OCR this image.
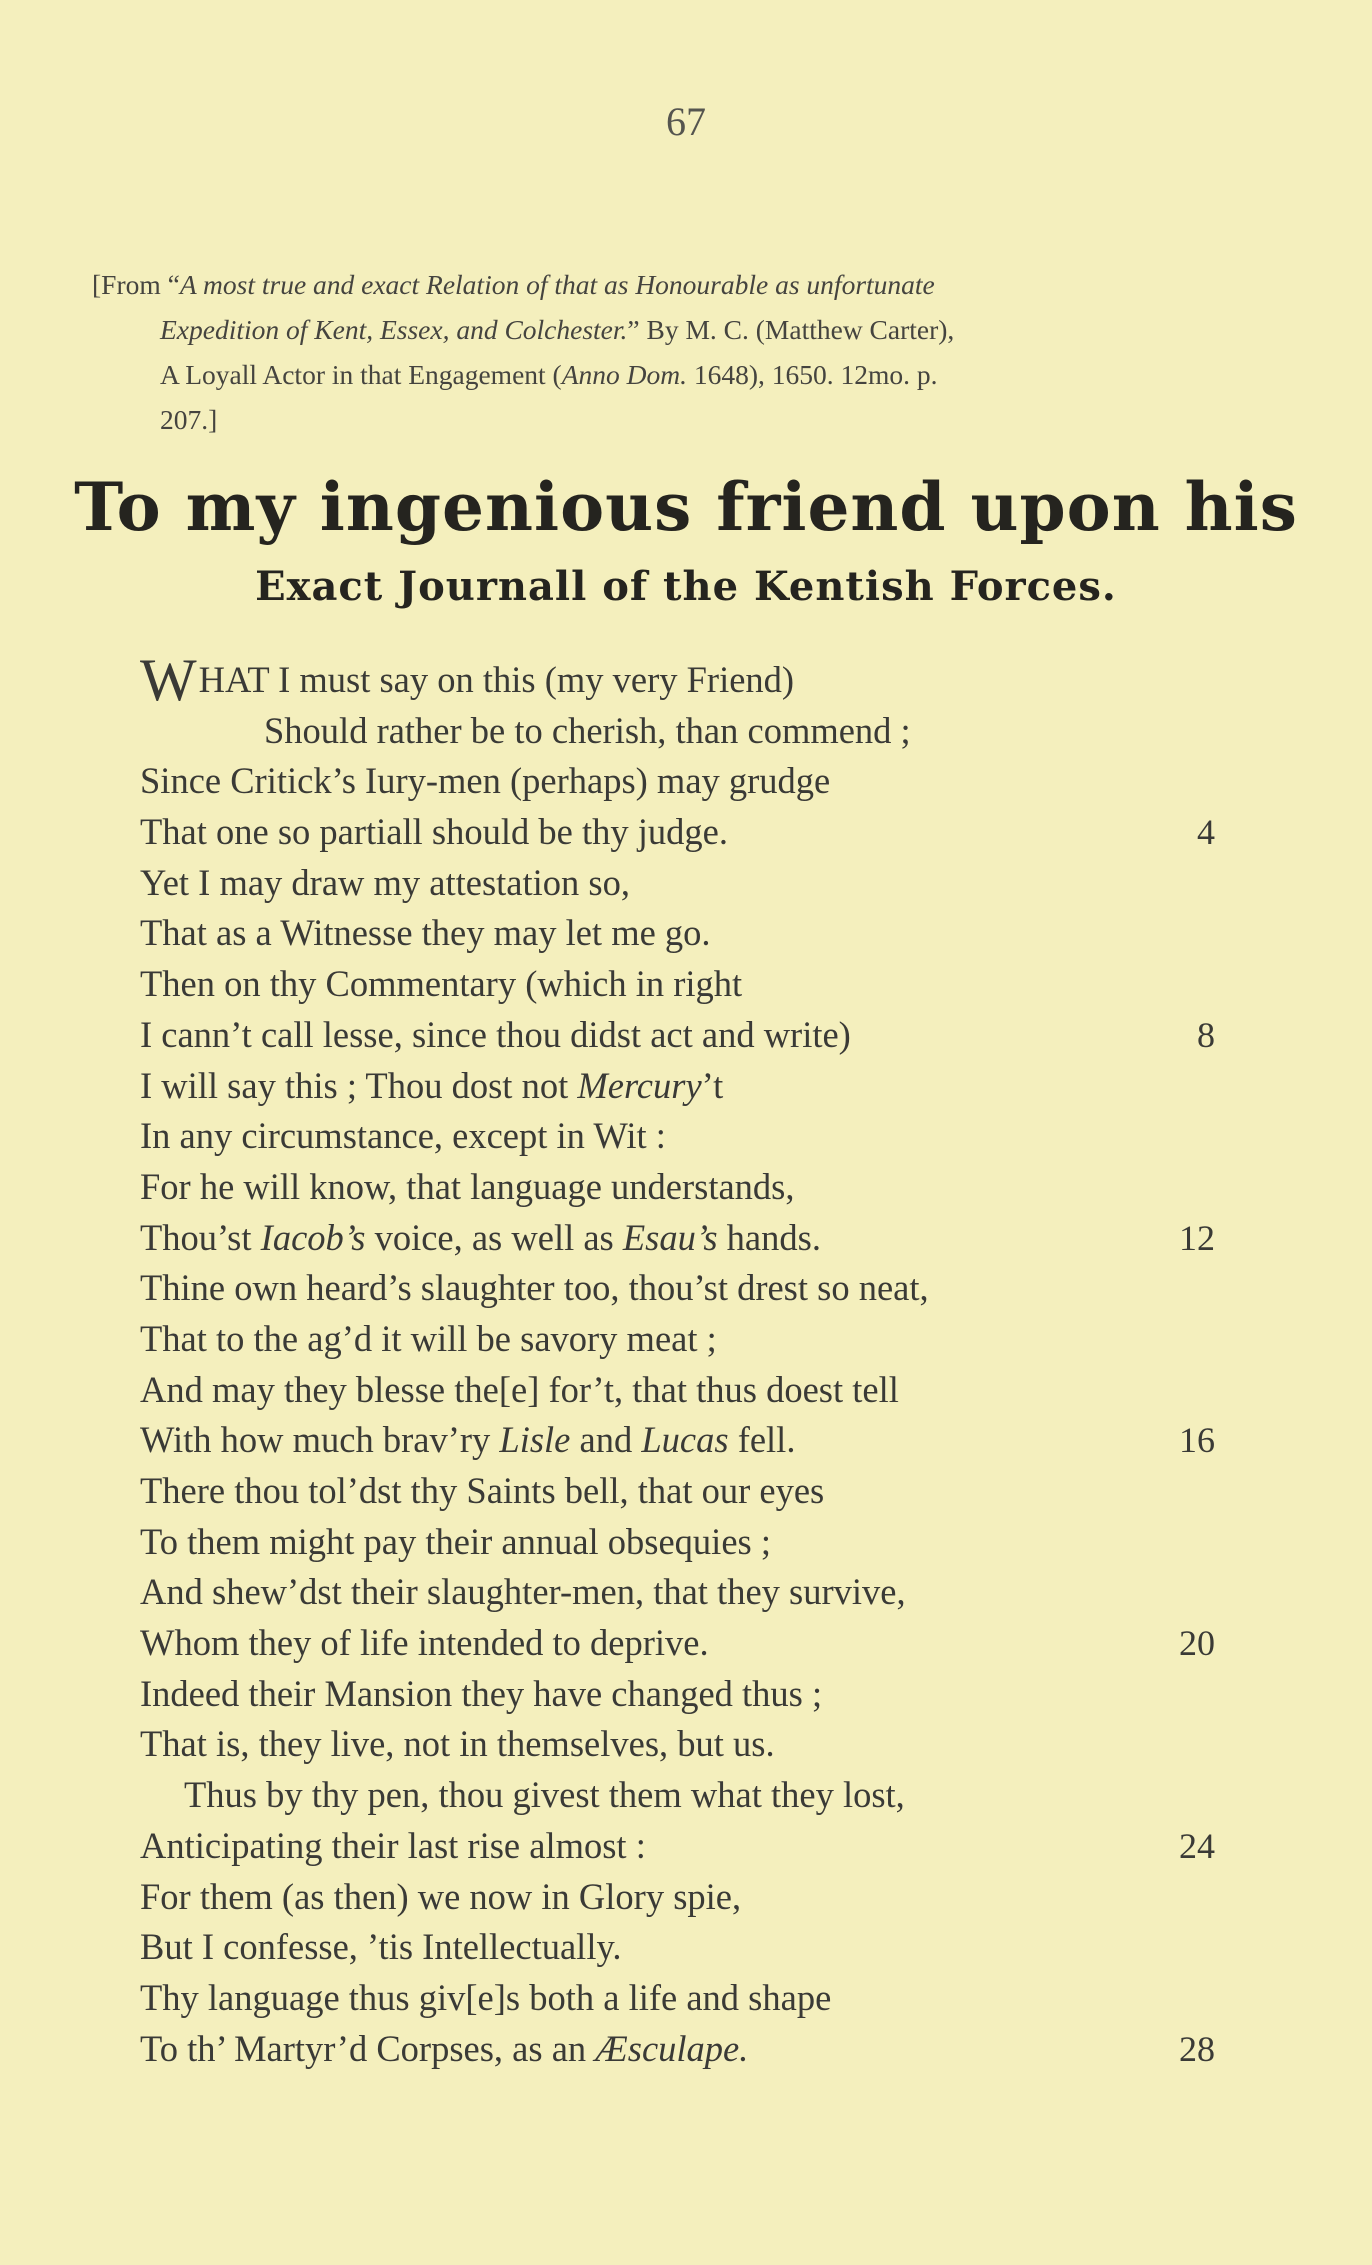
67
[From “A most true and exact Relation of that as Honourable as unfortunate
Expedition of Kent, Essex, and Colchester.” By M. C. (Matthew Carter),
A Loyall Actor in that Engagement (Anno Dom. 1648), 1650. 12mo. p.
207.]
To my ingenious friend upon his
Exact Journall of the Kentish Forces.
WHAT I must say on this (my very Friend)
Should rather be to cherish, than commend ;
Since Critick’s Iury-men (perhaps) may grudge
That one so partiall should be thy judge.	4
Yet I may draw my attestation so,
That as a Witnesse they may let me go.
Then on thy Commentary (which in right
I cann’t call lesse, since thou didst act and write)	8
I will say this ; Thou dost not Mercury’t
In any circumstance, except in Wit :
For he will know, that language understands,
Thou’st Iacob’s voice, as well as Esau’s hands.	12
Thine own heard’s slaughter too, thou’st drest so neat,
That to the ag’d it will be savory meat ;
And may they blesse the[e] for’t, that thus doest tell
With how much brav’ry Lisle and Lucas fell.	16
There thou tol’dst thy Saints bell, that our eyes
To them might pay their annual obsequies ;
And shew’dst their slaughter-men, that they survive,
Whom they of life intended to deprive.	20
Indeed their Mansion they have changed thus ;
That is, they live, not in themselves, but us.
Thus by thy pen, thou givest them what they lost,
Anticipating their last rise almost :	24
For them (as then) we now in Glory spie,
But I confesse, ’tis Intellectually.
Thy language thus giv[e]s both a life and shape
To th’ Martyr’d Corpses, as an Æsculape.	28
